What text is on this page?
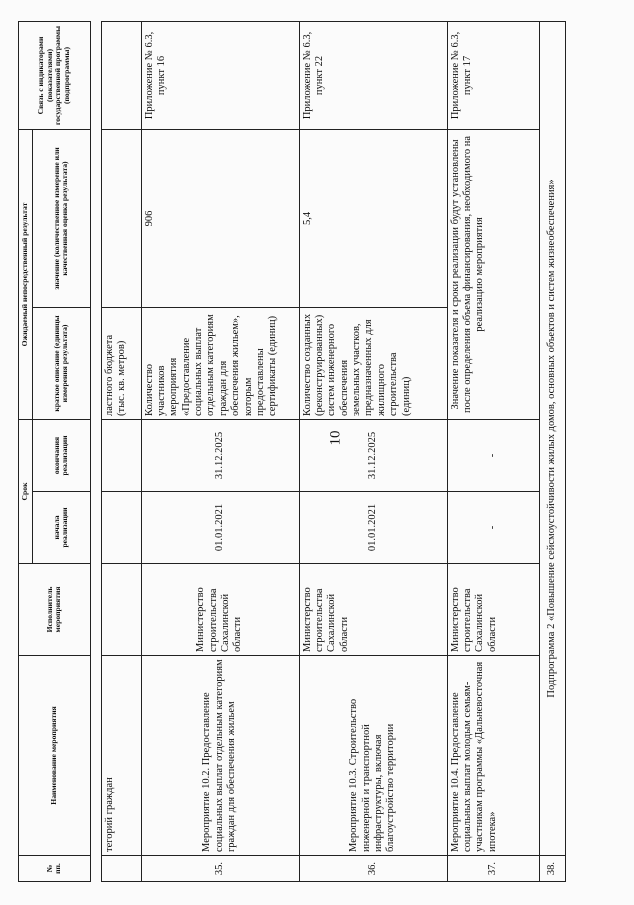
10
№ пп.	Наименование мероприятия	Исполнитель мероприятия	Срок		Ожидаемый непосредственный результат		Связь с индикаторами (показателями) государственной программы (подпрограммы)
			начала реализации	окончания реализации	краткое описание (единицы измерения результата)	значение (количественное измерение или качественная оценка результата)	

	тегорий граждан				ластного бюджета (тыс. кв. метров)		
35.	Мероприятие 10.2. Предоставление социальных выплат отдельным категориям граждан для обеспечения жильем	Министерство строительства Сахалинской области	01.01.2021	31.12.2025	Количество участников мероприятия «Предоставление социальных выплат отдельным категориям граждан для обеспечения жильем», которым предоставлены сертификаты (единиц)	906	Приложение № 6.3, пункт 16
36.	Мероприятие 10.3. Строительство инженерной и транспортной инфраструктуры, включая благоустройство территории	Министерство строительства Сахалинской области	01.01.2021	31.12.2025	Количество созданных (реконструированных) систем инженерного обеспечения земельных участков, предназначенных для жилищного строительства (единиц)	5,4	Приложение № 6.3, пункт 22
37.	Мероприятие 10.4. Предоставление социальных выплат молодым семьям-участникам программы «Дальневосточная ипотека»	Министерство строительства Сахалинской области	-	-	Значение показателя и сроки реализации будут установлены после определения объема финансирования, необходимого на реализацию мероприятия		Приложение № 6.3, пункт 17
38.	Подпрограмма 2 «Повышение сейсмоустойчивости жилых домов, основных объектов и систем жизнеобеспечения»						
